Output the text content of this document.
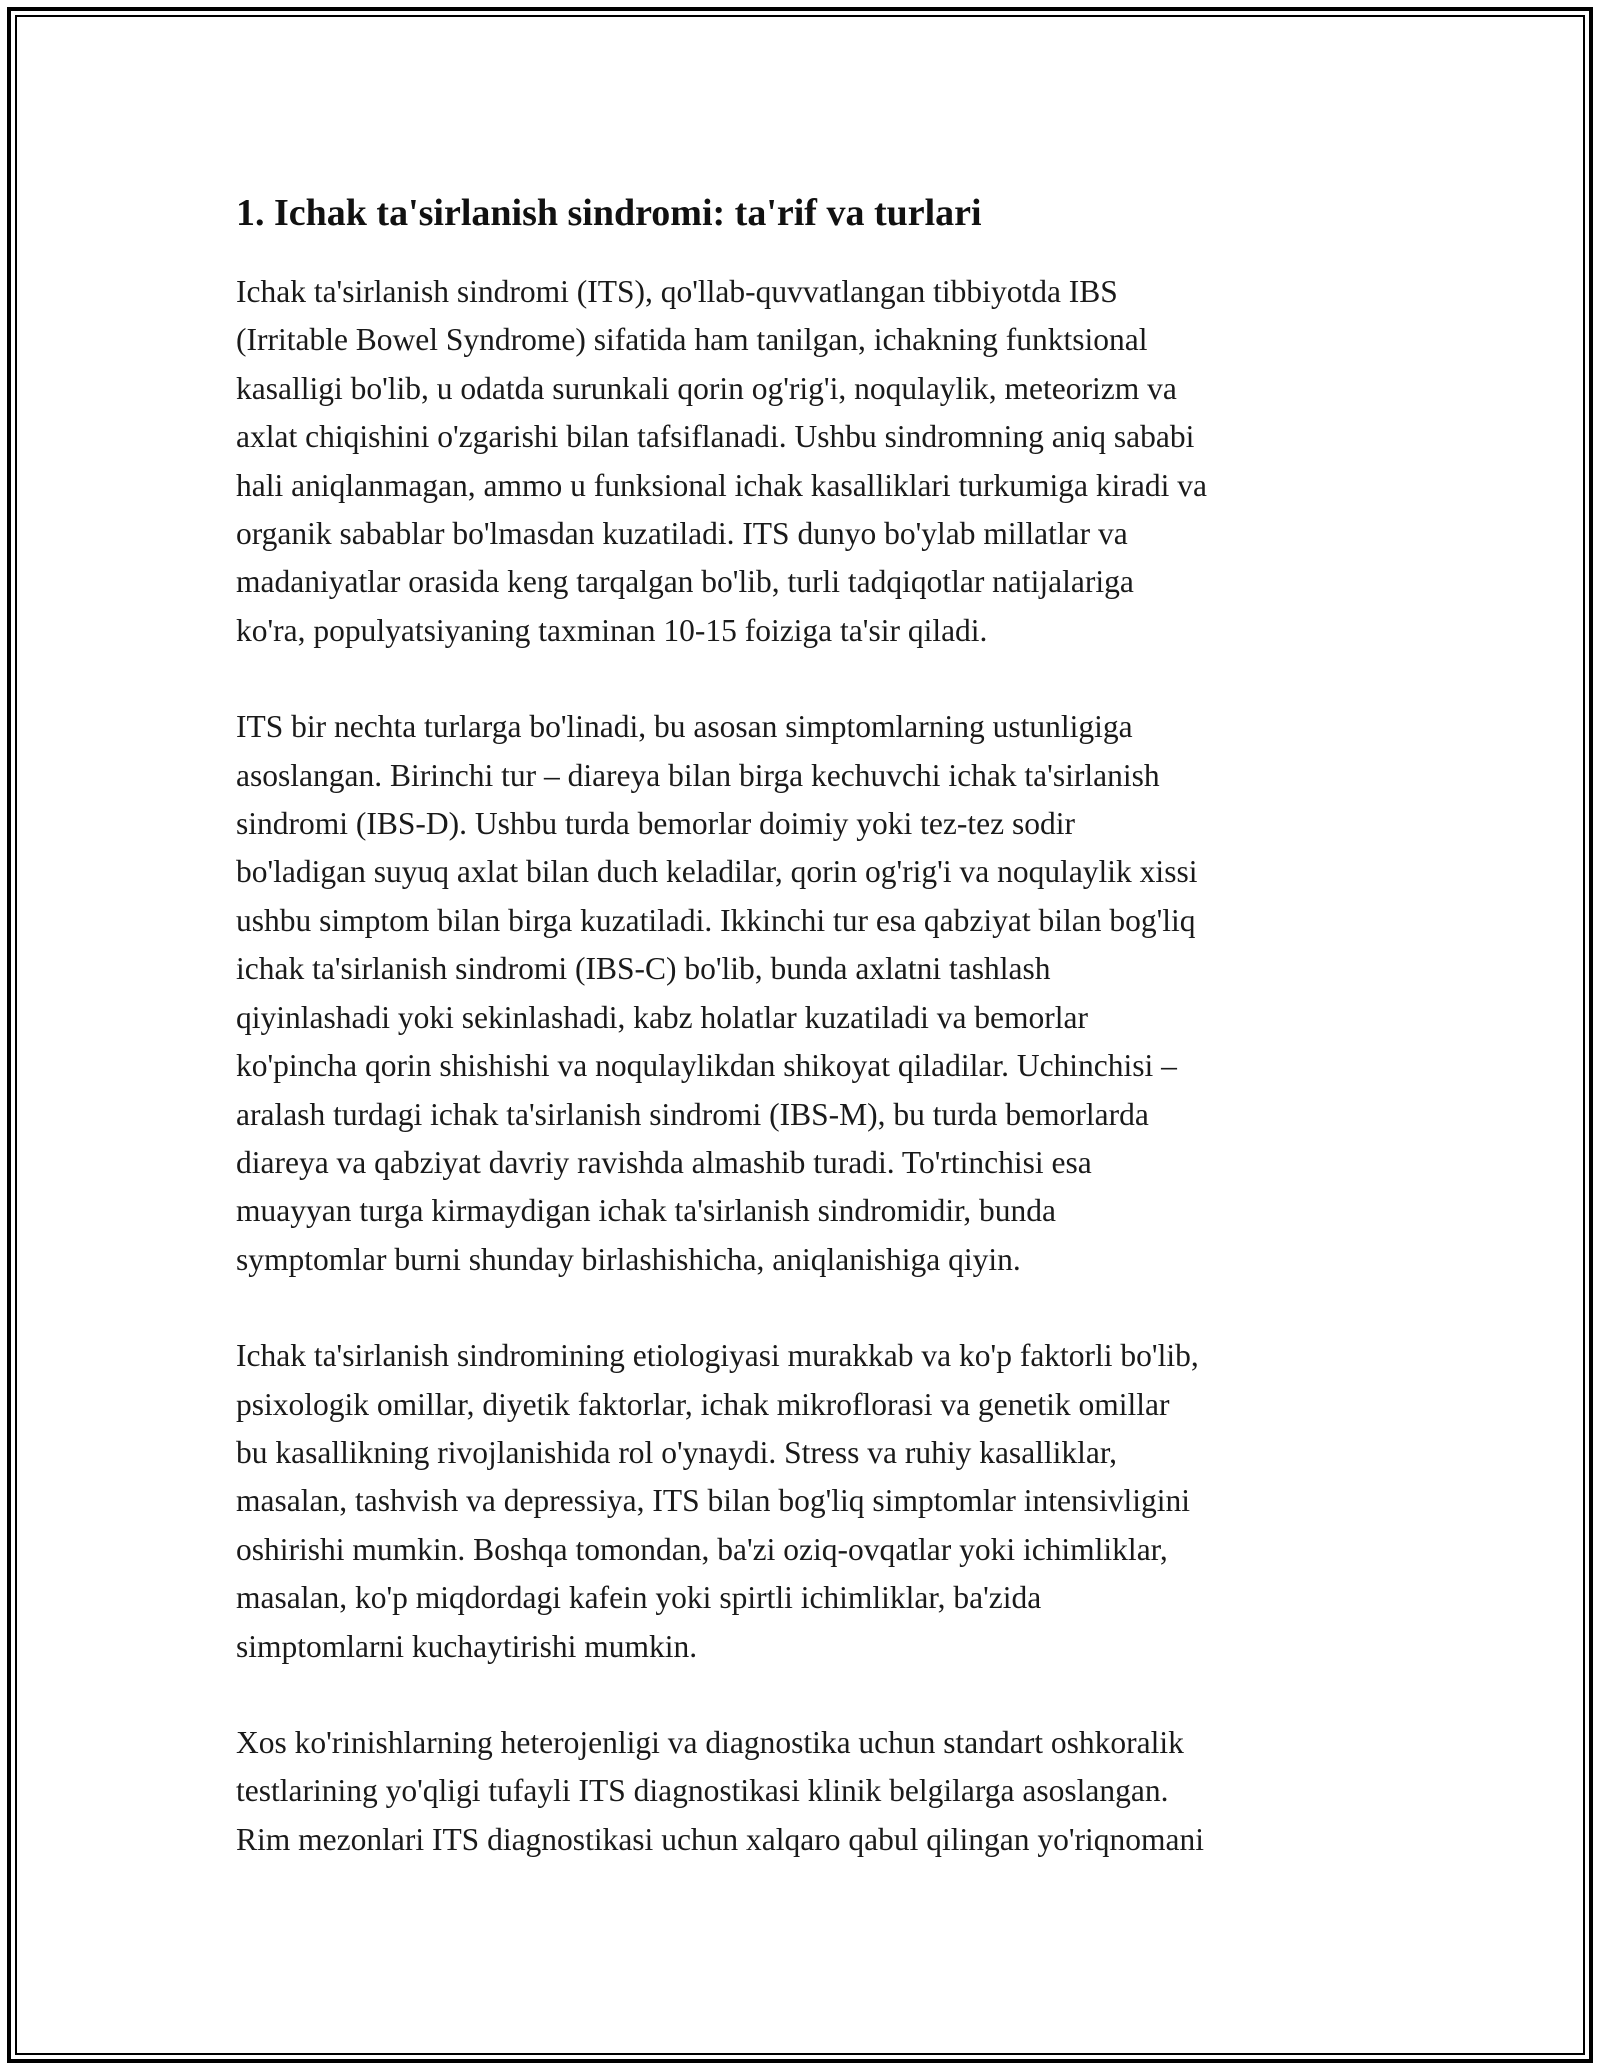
1. Ichak ta'sirlanish sindromi: ta'rif va turlari

Ichak ta'sirlanish sindromi (ITS), qo'llab-quvvatlangan tibbiyotda IBS
(Irritable Bowel Syndrome) sifatida ham tanilgan, ichakning funktsional
kasalligi bo'lib, u odatda surunkali qorin og'rig'i, noqulaylik, meteorizm va
axlat chiqishini o'zgarishi bilan tafsiflanadi. Ushbu sindromning aniq sababi
hali aniqlanmagan, ammo u funksional ichak kasalliklari turkumiga kiradi va
organik sabablar bo'lmasdan kuzatiladi. ITS dunyo bo'ylab millatlar va
madaniyatlar orasida keng tarqalgan bo'lib, turli tadqiqotlar natijalariga
ko'ra, populyatsiyaning taxminan 10-15 foiziga ta'sir qiladi.

ITS bir nechta turlarga bo'linadi, bu asosan simptomlarning ustunligiga
asoslangan. Birinchi tur – diareya bilan birga kechuvchi ichak ta'sirlanish
sindromi (IBS-D). Ushbu turda bemorlar doimiy yoki tez-tez sodir
bo'ladigan suyuq axlat bilan duch keladilar, qorin og'rig'i va noqulaylik xissi
ushbu simptom bilan birga kuzatiladi. Ikkinchi tur esa qabziyat bilan bog'liq
ichak ta'sirlanish sindromi (IBS-C) bo'lib, bunda axlatni tashlash
qiyinlashadi yoki sekinlashadi, kabz holatlar kuzatiladi va bemorlar
ko'pincha qorin shishishi va noqulaylikdan shikoyat qiladilar. Uchinchisi –
aralash turdagi ichak ta'sirlanish sindromi (IBS-M), bu turda bemorlarda
diareya va qabziyat davriy ravishda almashib turadi. To'rtinchisi esa
muayyan turga kirmaydigan ichak ta'sirlanish sindromidir, bunda
symptomlar burni shunday birlashishicha, aniqlanishiga qiyin.

Ichak ta'sirlanish sindromining etiologiyasi murakkab va ko'p faktorli bo'lib,
psixologik omillar, diyetik faktorlar, ichak mikroflorasi va genetik omillar
bu kasallikning rivojlanishida rol o'ynaydi. Stress va ruhiy kasalliklar,
masalan, tashvish va depressiya, ITS bilan bog'liq simptomlar intensivligini
oshirishi mumkin. Boshqa tomondan, ba'zi oziq-ovqatlar yoki ichimliklar,
masalan, ko'p miqdordagi kafein yoki spirtli ichimliklar, ba'zida
simptomlarni kuchaytirishi mumkin.

Xos ko'rinishlarning heterojenligi va diagnostika uchun standart oshkoralik
testlarining yo'qligi tufayli ITS diagnostikasi klinik belgilarga asoslangan.
Rim mezonlari ITS diagnostikasi uchun xalqaro qabul qilingan yo'riqnomani
